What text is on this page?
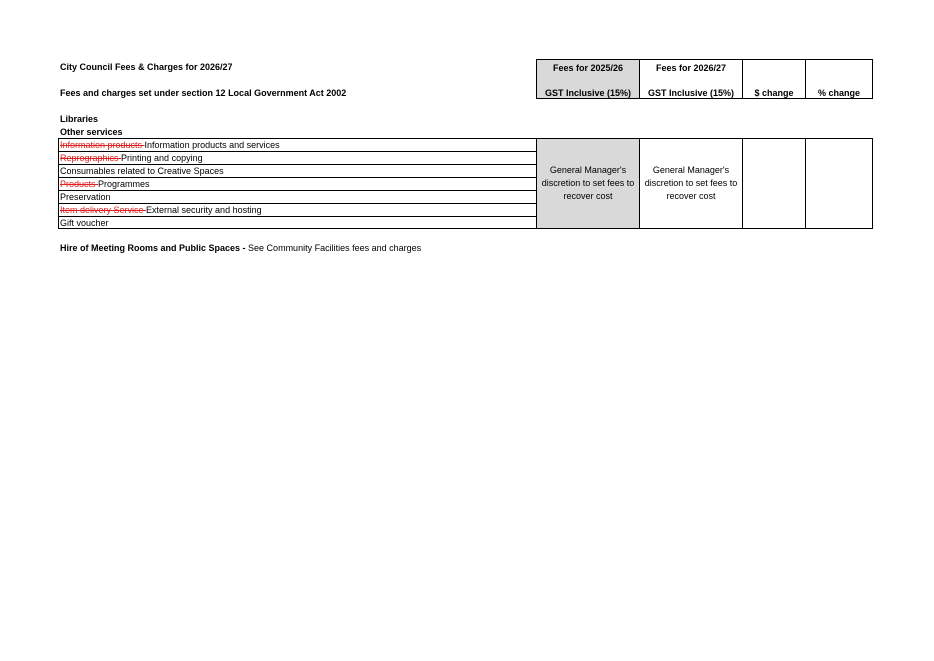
City Council Fees & Charges for 2026/27
Fees and charges set under section 12 Local Government Act 2002
Fees for 2025/26
GST Inclusive (15%)
Fees for 2026/27
GST Inclusive (15%)	$ change	% change
Libraries
Other services
Information products Information products and services
Reprographics Printing and copying
Consumables related to Creative Spaces
Products Programmes
Preservation
Item delivery Service External security and hosting
Gift voucher
General Manager's discretion to set fees to recover cost
General Manager's discretion to set fees to recover cost
Hire of Meeting Rooms and Public Spaces - See Community Facilities fees and charges
